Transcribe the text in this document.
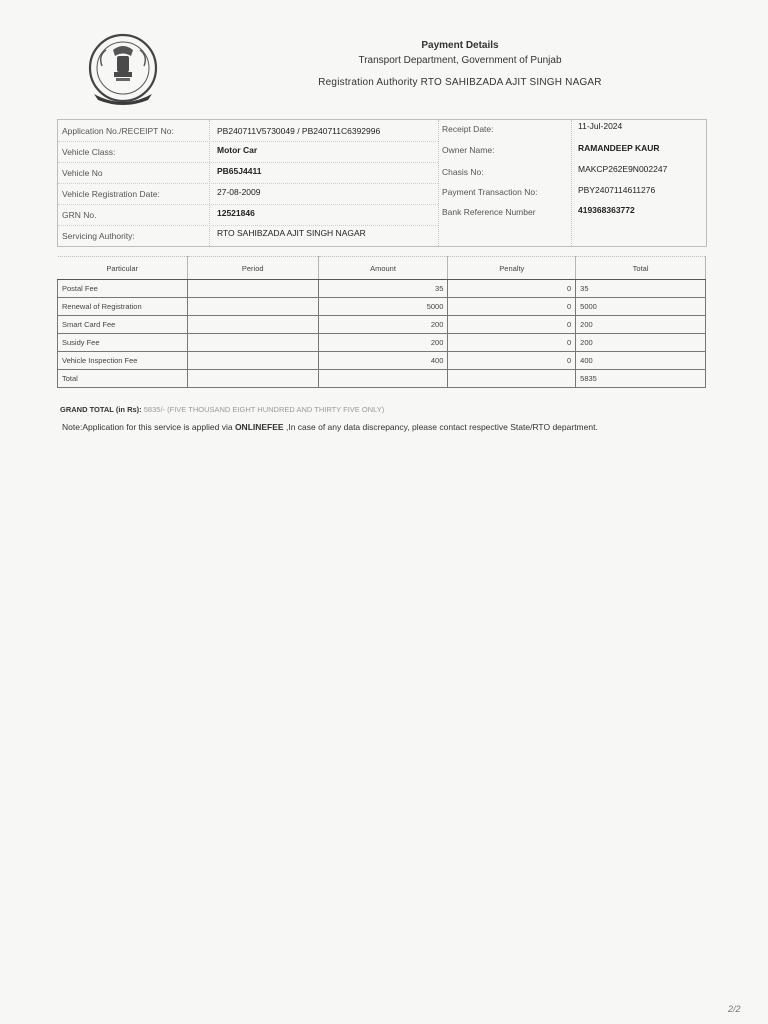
Payment Details
Transport Department, Government of Punjab
Registration Authority RTO SAHIBZADA AJIT SINGH NAGAR
Application No./RECEIPT No:	PB240711V5730049 / PB240711C6392996	Receipt Date:	11-Jul-2024
Vehicle Class:	Motor Car	Owner Name:	RAMANDEEP KAUR
Vehicle No	PB65J4411	Chasis No:	MAKCP262E9N002247
Vehicle Registration Date:	27-08-2009	Payment Transaction No:	PBY2407114611276
GRN No.	12521846	Bank Reference Number	419368363772
Servicing Authority:	RTO SAHIBZADA AJIT SINGH NAGAR
Particular	Period	Amount	Penalty	Total
Postal Fee		35	0	35
Renewal of Registration		5000	0	5000
Smart Card Fee		200	0	200
Susidy Fee		200	0	200
Vehicle Inspection Fee		400	0	400
Total				5835
GRAND TOTAL (in Rs): 5835/- (FIVE THOUSAND EIGHT HUNDRED AND THIRTY FIVE ONLY)
Note:Application for this service is applied via ONLINEFEE ,In case of any data discrepancy, please contact respective State/RTO department.
2/2
